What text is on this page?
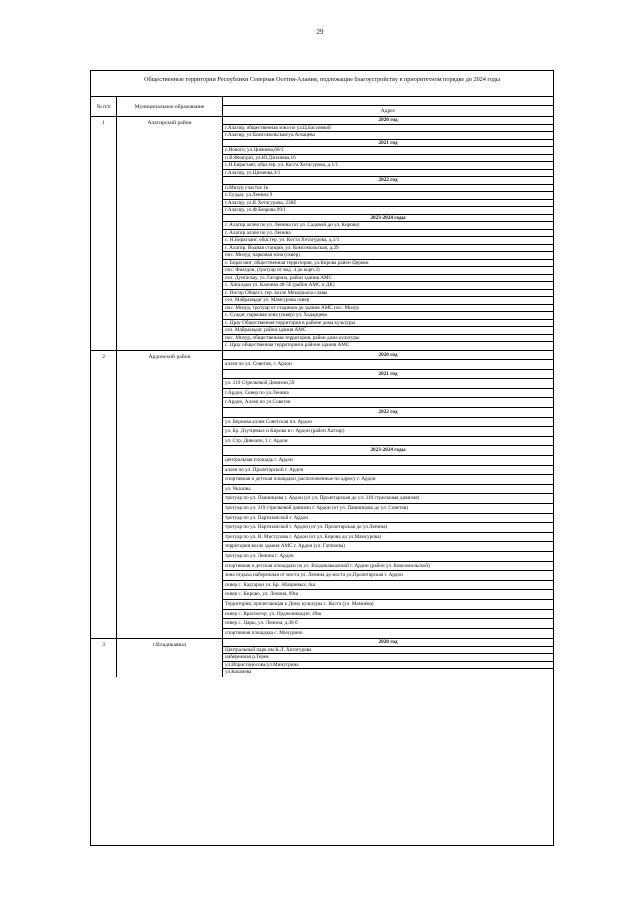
29
Общественные территории Республики Северная Осетия-Алания, подлежащие благоустройству в приоритетном порядке до 2024 годы
№ п/п	Муниципальное образование
Адрес
1	Алагирский район	2020 год
г.Алагир, общественная зона по ул.Ц.Бассиевой
г.Алагир, ул.Комсомольская/ул.Агкацева
2021 год
с.Нового, ул.Цимиева,60/3
п.В.Фиагдон, ул.Ю.Дзилиева,16
с.Н.Бирагзанг, обш.тер. ул. Коста Хетагурова, д.1/1
г.Алагир, ул.Цимиева,3/1
2022 год
п.Мизур участок 1к
с.Суадаг, ул.Ленина 9
г.Алагир, ул.К.Хетагурова, 238Е
г.Алагир, ул.Ф.Бязрова 99/1
2023-2024 годы
г. Алагир аллея по ул. Ленина (от ул. Садовой до ул. Кирова)
г. Алагир аллея по ул. Ленина
с. Н.Бирагзанг, обш.тер. ул. Коста Хетагурова, д.1/1
г. Алагир, Водная станция, ул. Комсомольская, д.29
пос. Мизур, парковая зона (сквер)
с. Бирагзанг, общественная территория, ул.Кирова район Церкви
пос. Фиагдон, (тротуар от вод. 4 до корп.3)
сел. Дунгаскау, ул. Гагарина, район здания АМС
с. Хаталдон ул. Калоева 48-50 (район АМС и ДК)
с. Ногир Общест. тер. возле Мемориала славы
сел. Майрамадаг ул. Мамсурова сквер
пос. Мизур, тротуар от стадиона до здания АМС пос. Мизур
с. Суадаг, парковая зона (сквер) ул. Хадарцева
с. Црау Общественная территория в районе дома культуры
сел. Майрамадаг, район здания АМС
пос. Мизур, общественная территория, район дома культуры
с. Црау общественная территория в районе здания АМС
2	Ардонский район	2020 год
аллея по ул. Советов, г. Ардон
2021 год
ул. 319 Стрелковой Дивизии,59
г.Ардон, Сквер по ул.Ленина
г.Ардон, Аллея по ул.Советов
2022 год
ул. Вернова аллея Советская пл. Ардон
ул. Бр. Дзутцевых и Кирова в г. Ардон (район Хатхар)
ул. Стр. Дивизии, 1 г. Ардон
2023-2024 годы
центральная площадь г. Ардон
аллея по ул. Пролетарской г. Ардон
спортивная и детская площадки, расположенные по адресу г. Ардон
ул. Чкалова
тротуар по ул. Пашинцова г. Ардон (от ул. Пролетарская до ул. 319 стрелковая дивизия)
тротуар по ул. 319 стрелковой дивизии г. Ардон (от ул. Пашинцова до ул. Советов)
тротуар по ул. Партизанской г. Ардон
тротуар по ул. Партизанской г. Ардон (от ул. Пролетарская до ул.Ленина)
тротуар по ул. И. Мистулова г. Ардон (от ул. Кирова до ул.Мамсурова)
территория возле здания АМС г. Ардон (ул. Гаппоева)
тротуар по ул. Ленина г. Ардон
спортивная и детская площадки по ул. Владикавказской г. Ардон (район ул. Комсомольской)
зона отдыха набережная от моста ул. Ленина до моста ул.Пролетарская г. Ардон
сквер с. Кадгарон ул. Бр. Абациевых, 6ш
сквер с. Кирово, ул. Ленина, 89ш
Территория, прилегающая к Дому культуры с. Коста (ул. Мамиева)
сквер с. Красногор, ул. Орджоникидзе, 49ш
сквер с. Цары, ул. Ленина, д.38 б
спортивная площадка с. Мичурино
3	г.Владикавказ	2020 год
Центральный парк им К.Л. Хетагурова
набережная р.Терек
ул.Ипристоносова/ул.Минутрина
ул.Кошмева
